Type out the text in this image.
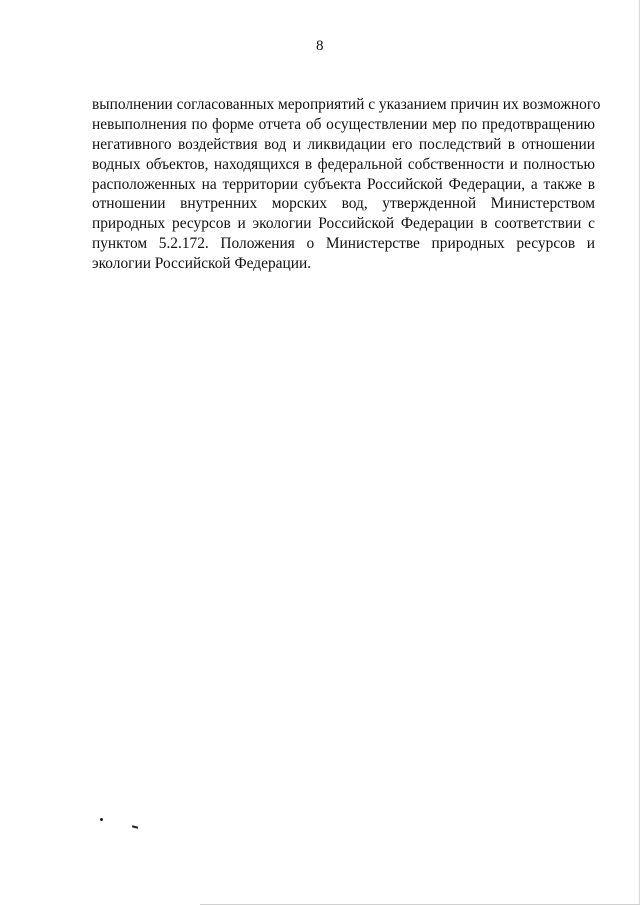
8
выполнении согласованных мероприятий с указанием причин их возможного
невыполнения по форме отчета об осуществлении мер по предотвращению
негативного воздействия вод и ликвидации его последствий в отношении
водных объектов, находящихся в федеральной собственности и полностью
расположенных на территории субъекта Российской Федерации, а также в
отношении внутренних морских вод, утвержденной Министерством
природных ресурсов и экологии Российской Федерации в соответствии с
пунктом 5.2.172. Положения о Министерстве природных ресурсов и
экологии Российской Федерации.
